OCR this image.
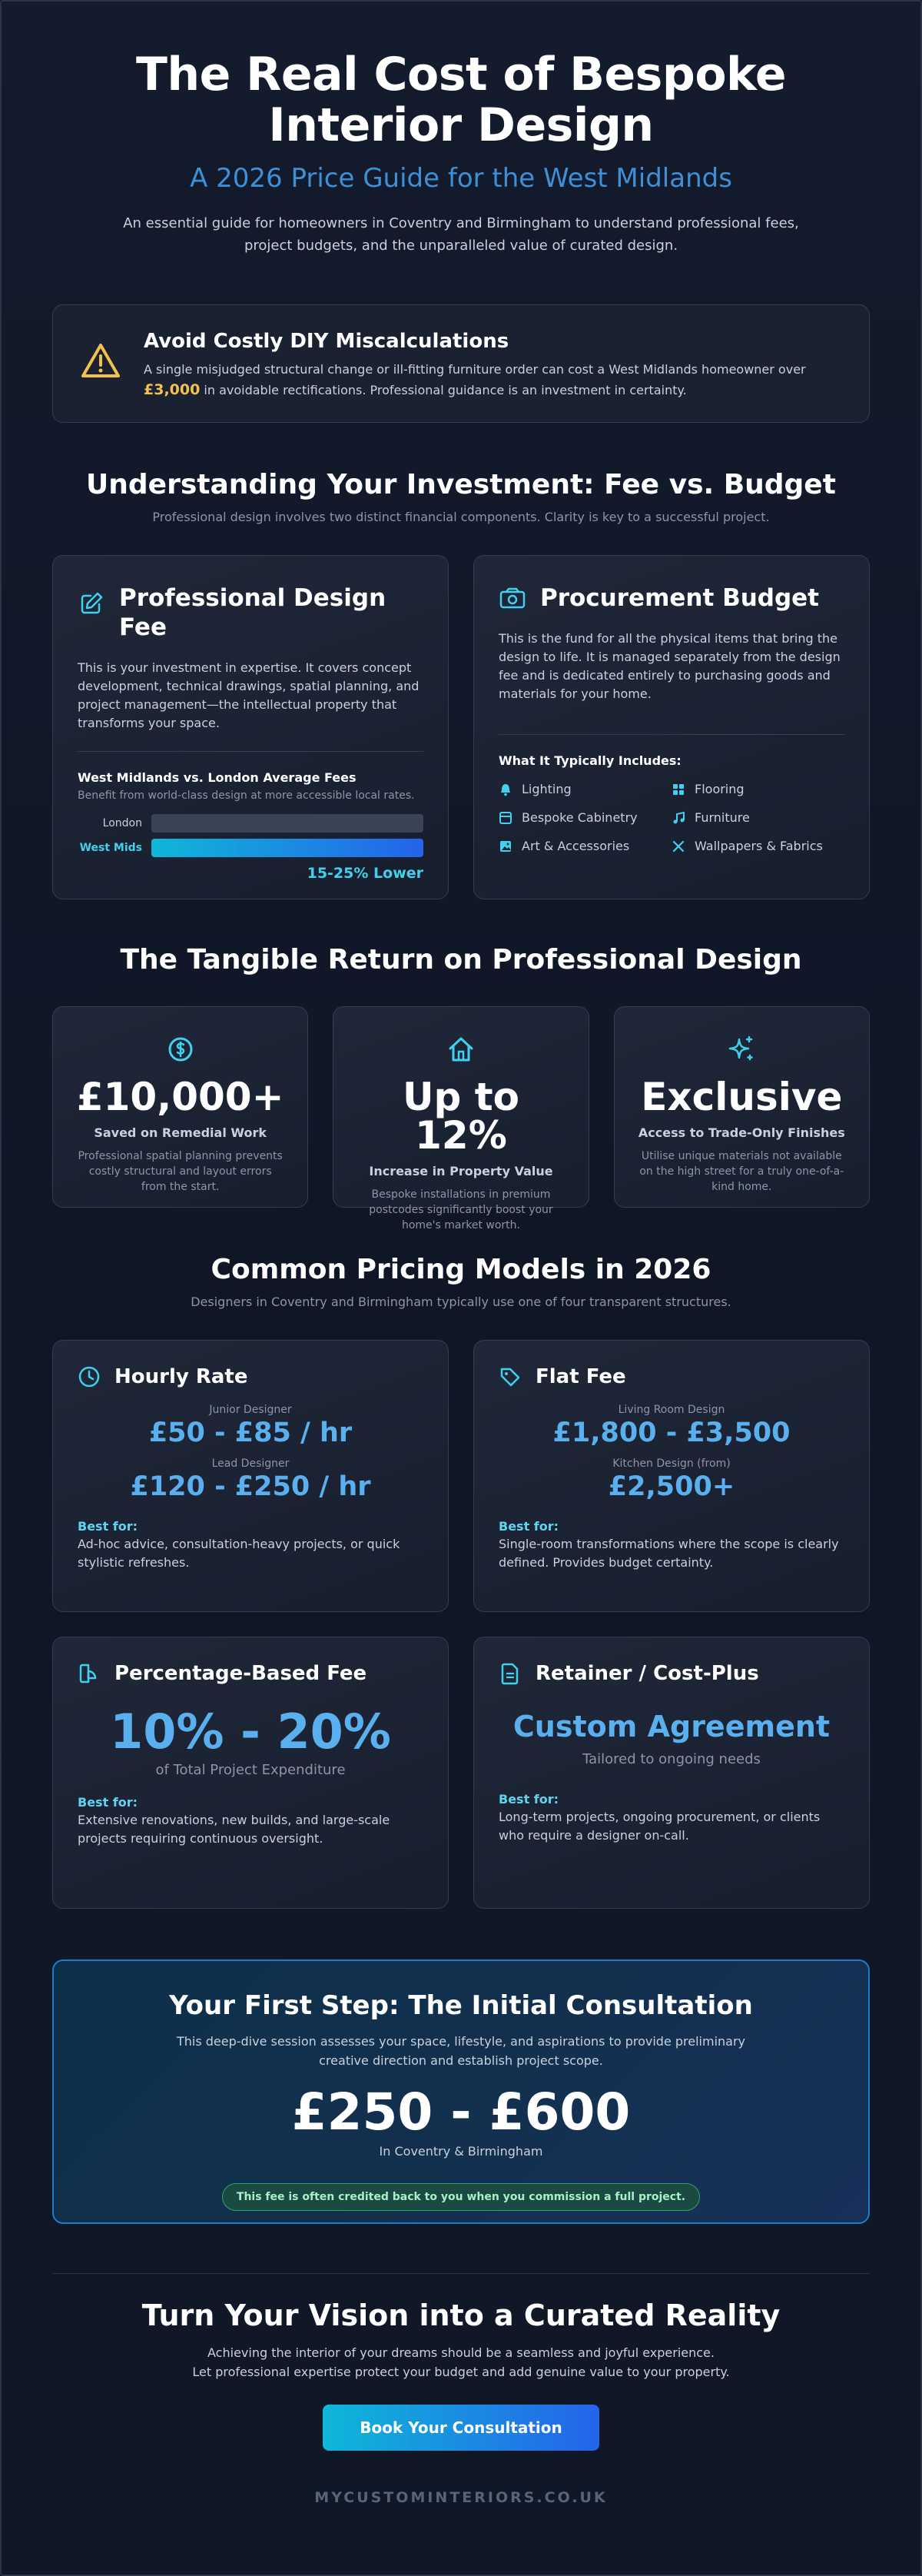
The Real Cost of Bespoke Interior Design
A 2026 Price Guide for the West Midlands

An essential guide for homeowners in Coventry and Birmingham to understand professional fees, project budgets, and the unparalleled value of curated design.

Avoid Costly DIY Miscalculations

A single misjudged structural change or ill-fitting furniture order can cost a West Midlands homeowner over £3,000 in avoidable rectifications. Professional guidance is an investment in certainty.

Understanding Your Investment: Fee vs. Budget

Professional design involves two distinct financial components. Clarity is key to a successful project.

Professional Design Fee

This is your investment in expertise. It covers concept development, technical drawings, spatial planning, and project management—the intellectual property that transforms your space.

West Midlands vs. London Average Fees
Benefit from world-class design at more accessible local rates.
London
West Mids
15-25% Lower
Procurement Budget

This is the fund for all the physical items that bring the design to life. It is managed separately from the design fee and is dedicated entirely to purchasing goods and materials for your home.

What It Typically Includes:
Lighting	Flooring
Bespoke Cabinetry	Furniture
Art & Accessories	Wallpapers & Fabrics
The Tangible Return on Professional Design
£10,000+
Saved on Remedial Work
Professional spatial planning prevents costly structural and layout errors from the start.
Up to 12%
Increase in Property Value
Bespoke installations in premium postcodes significantly boost your home's market worth.
Exclusive
Access to Trade-Only Finishes
Utilise unique materials not available on the high street for a truly one-of-a-kind home.
Common Pricing Models in 2026

Designers in Coventry and Birmingham typically use one of four transparent structures.

Hourly Rate
Junior Designer
£50 - £85 / hr
Lead Designer
£120 - £250 / hr
Best for:
Ad-hoc advice, consultation-heavy projects, or quick stylistic refreshes.
Flat Fee
Living Room Design
£1,800 - £3,500
Kitchen Design (from)
£2,500+
Best for:
Single-room transformations where the scope is clearly defined. Provides budget certainty.
Percentage-Based Fee
10% - 20%
of Total Project Expenditure
Best for:
Extensive renovations, new builds, and large-scale projects requiring continuous oversight.
Retainer / Cost-Plus
Custom Agreement
Tailored to ongoing needs
Best for:
Long-term projects, ongoing procurement, or clients who require a designer on-call.
Your First Step: The Initial Consultation

This deep-dive session assesses your space, lifestyle, and aspirations to provide preliminary creative direction and establish project scope.

£250 - £600
In Coventry & Birmingham
This fee is often credited back to you when you commission a full project.
Turn Your Vision into a Curated Reality

Achieving the interior of your dreams should be a seamless and joyful experience.
Let professional expertise protect your budget and add genuine value to your property.

Book Your Consultation
MYCUSTOMINTERIORS.CO.UK
